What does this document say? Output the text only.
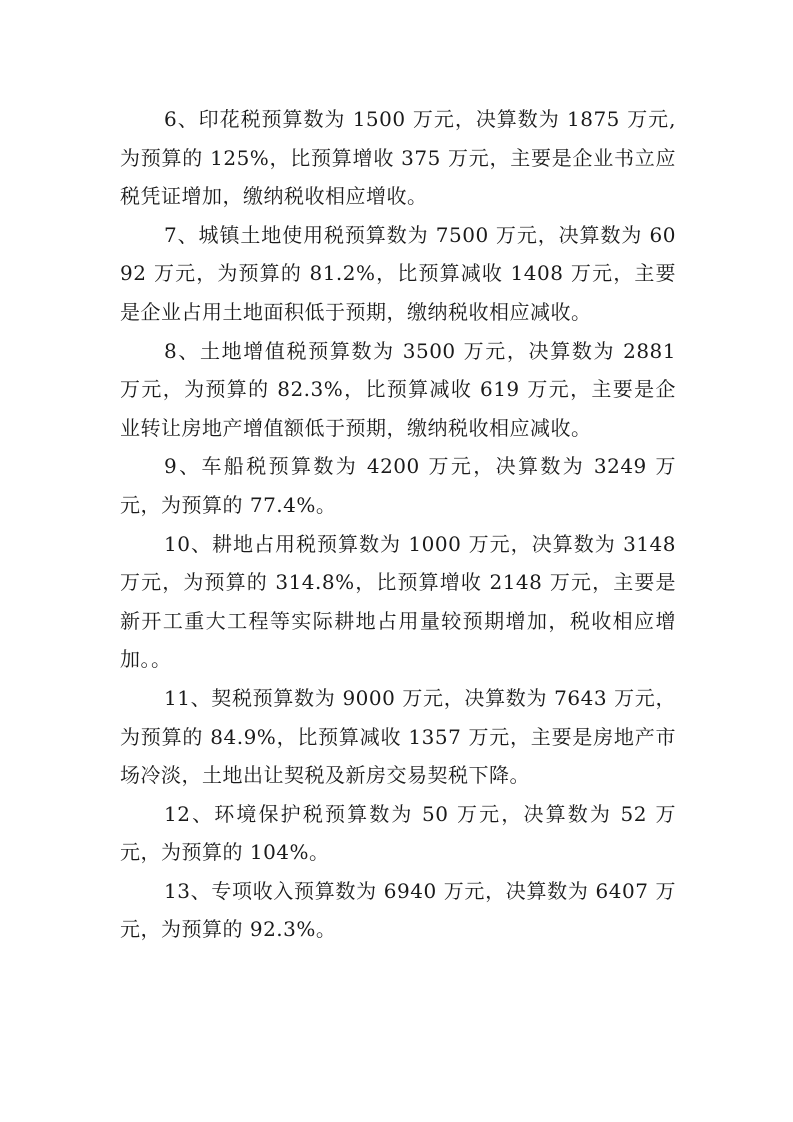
6、印花税预算数为 1500 万元，决算数为 1875 万元,为预算的 125%，比预算增收 375 万元，主要是企业书立应税凭证增加，缴纳税收相应增收。

7、城镇土地使用税预算数为 7500 万元，决算数为 6092 万元，为预算的 81.2%，比预算减收 1408 万元，主要是企业占用土地面积低于预期，缴纳税收相应减收。

8、土地增值税预算数为 3500 万元，决算数为 2881 万元，为预算的 82.3%，比预算减收 619 万元，主要是企业转让房地产增值额低于预期，缴纳税收相应减收。

9、车船税预算数为 4200 万元，决算数为 3249 万元，为预算的 77.4%。

10、耕地占用税预算数为 1000 万元，决算数为 3148 万元，为预算的 314.8%，比预算增收 2148 万元，主要是新开工重大工程等实际耕地占用量较预期增加，税收相应增加。。

11、契税预算数为 9000 万元，决算数为 7643 万元，为预算的 84.9%，比预算减收 1357 万元，主要是房地产市场冷淡，土地出让契税及新房交易契税下降。

12、环境保护税预算数为 50 万元，决算数为 52 万元，为预算的 104%。

13、专项收入预算数为 6940 万元，决算数为 6407 万元，为预算的 92.3%。
